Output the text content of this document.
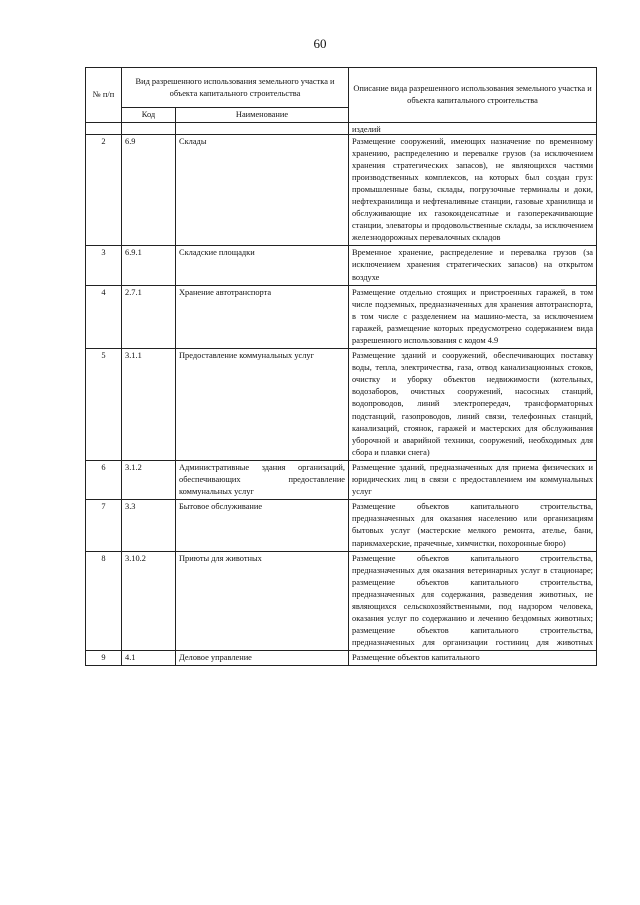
60
№ п/п	Вид разрешенного использования земельного участка и объекта капитального строительства		Описание вида разрешенного использования земельного участка и объекта капитального строительства
	Код	Наименование	

			изделий

2	6.9	Склады	Размещение сооружений, имеющих назначение по временному хранению, распределению и перевалке грузов (за исключением хранения стратегических запасов), не являющихся частями производственных комплексов, на которых был создан груз: промышленные базы, склады, погрузочные терминалы и доки, нефтехранилища и нефтеналивные станции, газовые хранилища и обслуживающие их газоконденсатные и газоперекачивающие станции, элеваторы и продовольственные склады, за исключением железнодорожных перевалочных складов
3	6.9.1	Складские площадки	Временное хранение, распределение и перевалка грузов (за исключением хранения стратегических запасов) на открытом воздухе
4	2.7.1	Хранение автотранспорта	Размещение отдельно стоящих и пристроенных гаражей, в том числе подземных, предназначенных для хранения автотранспорта, в том числе с разделением на машино-места, за исключением гаражей, размещение которых предусмотрено содержанием вида разрешенного использования с кодом 4.9
5	3.1.1	Предоставление коммунальных услуг	Размещение зданий и сооружений, обеспечивающих поставку воды, тепла, электричества, газа, отвод канализационных стоков, очистку и уборку объектов недвижимости (котельных, водозаборов, очистных сооружений, насосных станций, водопроводов, линий электропередач, трансформаторных подстанций, газопроводов, линий связи, телефонных станций, канализаций, стоянок, гаражей и мастерских для обслуживания уборочной и аварийной техники, сооружений, необходимых для сбора и плавки снега)
6	3.1.2	Административные здания организаций, обеспечивающих предоставление коммунальных услуг	Размещение зданий, предназначенных для приема физических и юридических лиц в связи с предоставлением им коммунальных услуг
7	3.3	Бытовое обслуживание	Размещение объектов капитального строительства, предназначенных для оказания населению или организациям бытовых услуг (мастерские мелкого ремонта, ателье, бани, парикмахерские, прачечные, химчистки, похоронные бюро)
8	3.10.2	Приюты для животных	Размещение объектов капитального строительства, предназначенных для оказания ветеринарных услуг в стационаре;
размещение объектов капитального строительства, предназначенных для содержания, разведения животных, не являющихся сельскохозяйственными, под надзором человека, оказания услуг по содержанию и лечению бездомных животных;
размещение объектов капитального строительства, предназначенных для организации гостиниц для животных

9	4.1	Деловое управление	Размещение объектов капитального
